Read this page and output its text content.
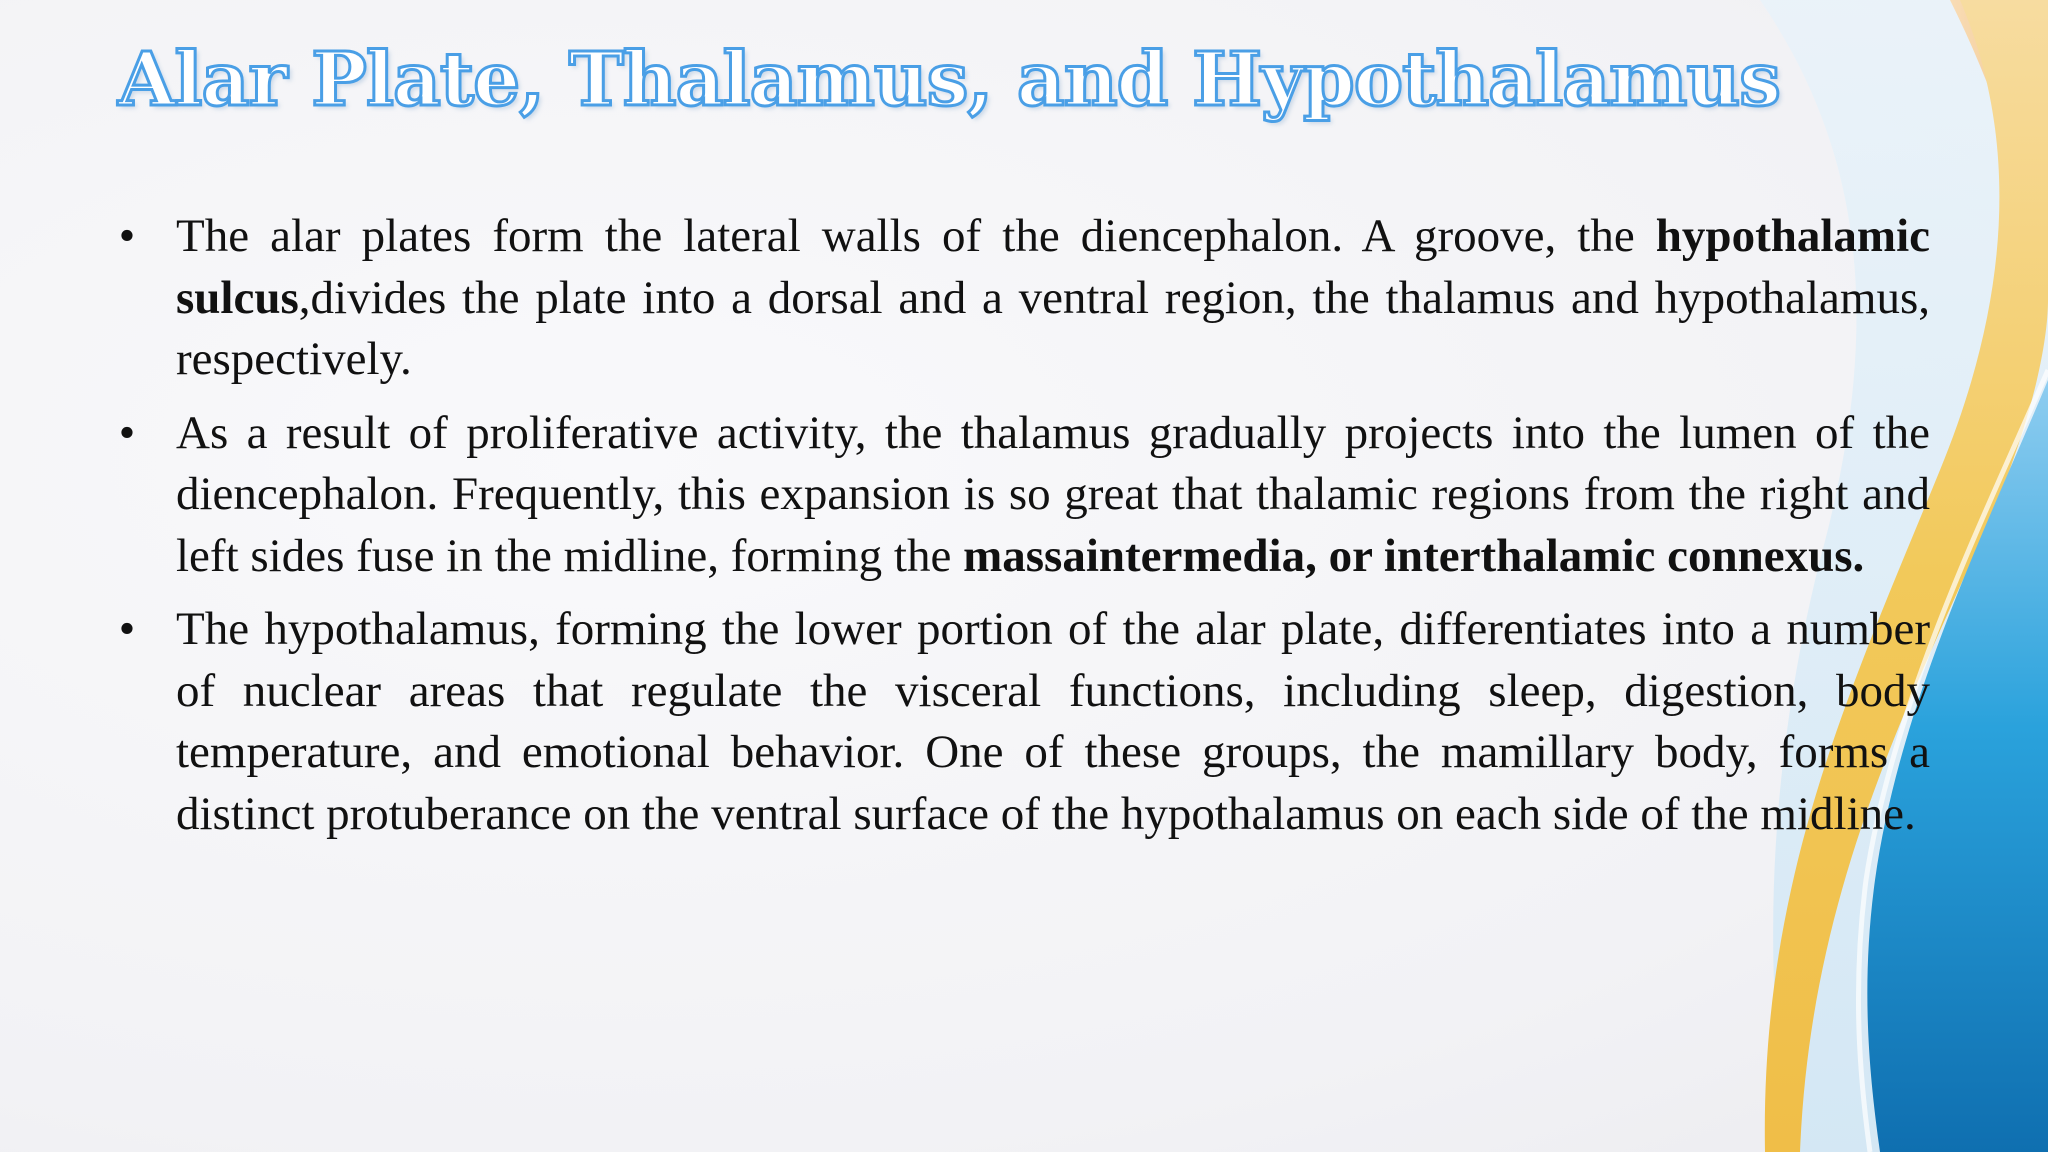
Alar Plate, Thalamus, and Hypothalamus
• The alar plates form the lateral walls of the diencephalon. A groove, the hypothalamic sulcus,divides the plate into a dorsal and a ventral region, the thalamus and hypothalamus, respectively.
• As a result of proliferative activity, the thalamus gradually projects into the lumen of the diencephalon. Frequently, this expansion is so great that thalamic regions from the right and left sides fuse in the midline, forming the massaintermedia, or interthalamic connexus.
• The hypothalamus, forming the lower portion of the alar plate, differentiates into a number of nuclear areas that regulate the visceral functions, including sleep, digestion, body temperature, and emotional behavior. One of these groups, the mamillary body, forms a distinct protuberance on the ventral surface of the hypothalamus on each side of the midline.
